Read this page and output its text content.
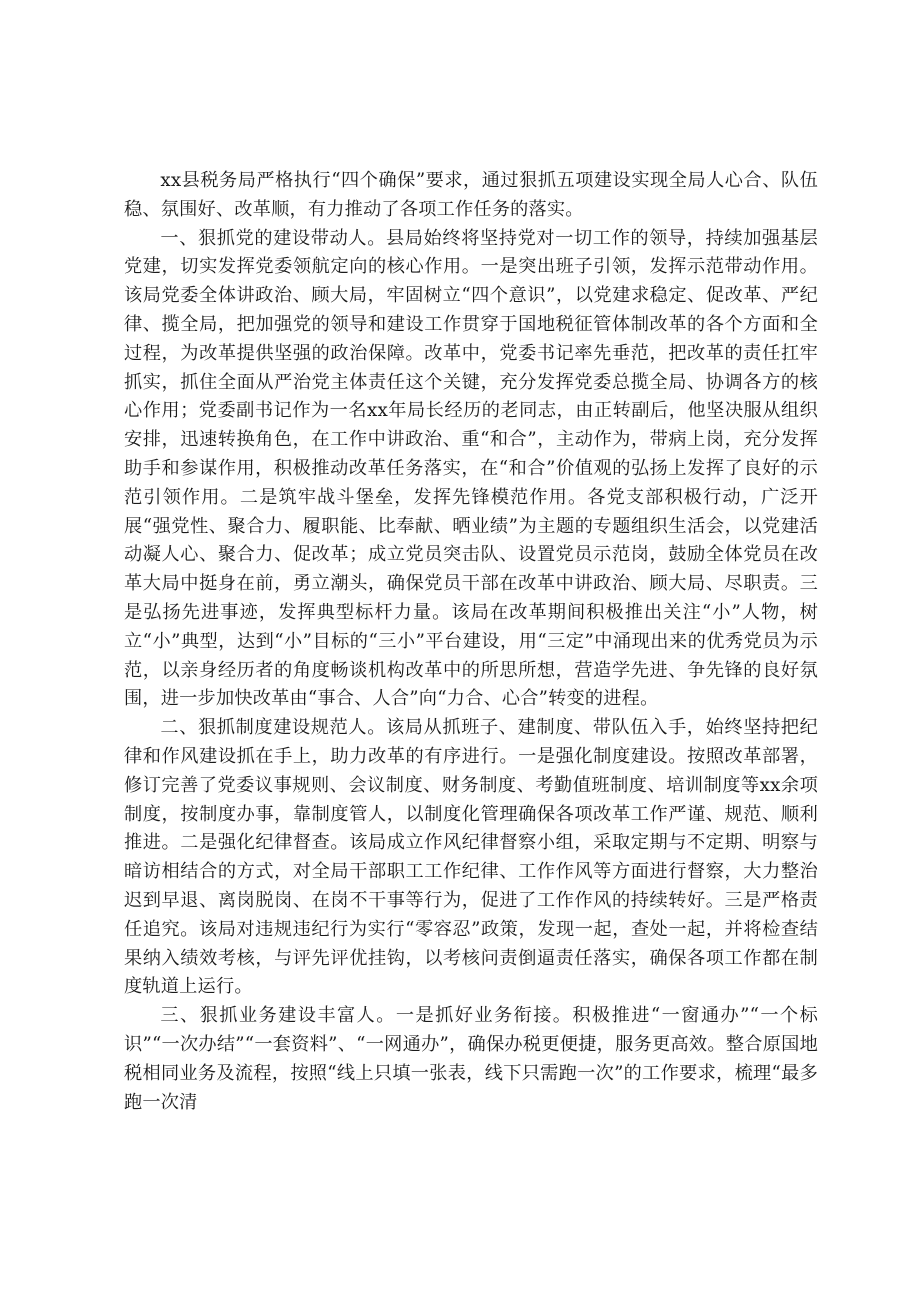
xx县税务局严格执行“四个确保”要求，通过狠抓五项建设实现全局人心合、队伍稳、氛围好、改革顺，有力推动了各项工作任务的落实。

一、狠抓党的建设带动人。县局始终将坚持党对一切工作的领导，持续加强基层党建，切实发挥党委领航定向的核心作用。一是突出班子引领，发挥示范带动作用。该局党委全体讲政治、顾大局，牢固树立“四个意识”，以党建求稳定、促改革、严纪律、揽全局，把加强党的领导和建设工作贯穿于国地税征管体制改革的各个方面和全过程，为改革提供坚强的政治保障。改革中，党委书记率先垂范，把改革的责任扛牢抓实，抓住全面从严治党主体责任这个关键，充分发挥党委总揽全局、协调各方的核心作用；党委副书记作为一名xx年局长经历的老同志，由正转副后，他坚决服从组织安排，迅速转换角色，在工作中讲政治、重“和合”，主动作为，带病上岗，充分发挥助手和参谋作用，积极推动改革任务落实，在“和合”价值观的弘扬上发挥了良好的示范引领作用。二是筑牢战斗堡垒，发挥先锋模范作用。各党支部积极行动，广泛开展“强党性、聚合力、履职能、比奉献、晒业绩”为主题的专题组织生活会，以党建活动凝人心、聚合力、促改革；成立党员突击队、设置党员示范岗，鼓励全体党员在改革大局中挺身在前，勇立潮头，确保党员干部在改革中讲政治、顾大局、尽职责。三是弘扬先进事迹，发挥典型标杆力量。该局在改革期间积极推出关注“小”人物，树立“小”典型，达到“小”目标的“三小”平台建设，用“三定”中涌现出来的优秀党员为示范，以亲身经历者的角度畅谈机构改革中的所思所想，营造学先进、争先锋的良好氛围，进一步加快改革由“事合、人合”向“力合、心合”转变的进程。

二、狠抓制度建设规范人。该局从抓班子、建制度、带队伍入手，始终坚持把纪律和作风建设抓在手上，助力改革的有序进行。一是强化制度建设。按照改革部署，修订完善了党委议事规则、会议制度、财务制度、考勤值班制度、培训制度等xx余项制度，按制度办事，靠制度管人，以制度化管理确保各项改革工作严谨、规范、顺利推进。二是强化纪律督查。该局成立作风纪律督察小组，采取定期与不定期、明察与暗访相结合的方式，对全局干部职工工作纪律、工作作风等方面进行督察，大力整治迟到早退、离岗脱岗、在岗不干事等行为，促进了工作作风的持续转好。三是严格责任追究。该局对违规违纪行为实行“零容忍”政策，发现一起，查处一起，并将检查结果纳入绩效考核，与评先评优挂钩，以考核问责倒逼责任落实，确保各项工作都在制度轨道上运行。

三、狠抓业务建设丰富人。一是抓好业务衔接。积极推进“一窗通办”“一个标识”“一次办结”“一套资料”、“一网通办”，确保办税更便捷，服务更高效。整合原国地税相同业务及流程，按照“线上只填一张表，线下只需跑一次”的工作要求，梳理“最多跑一次清
